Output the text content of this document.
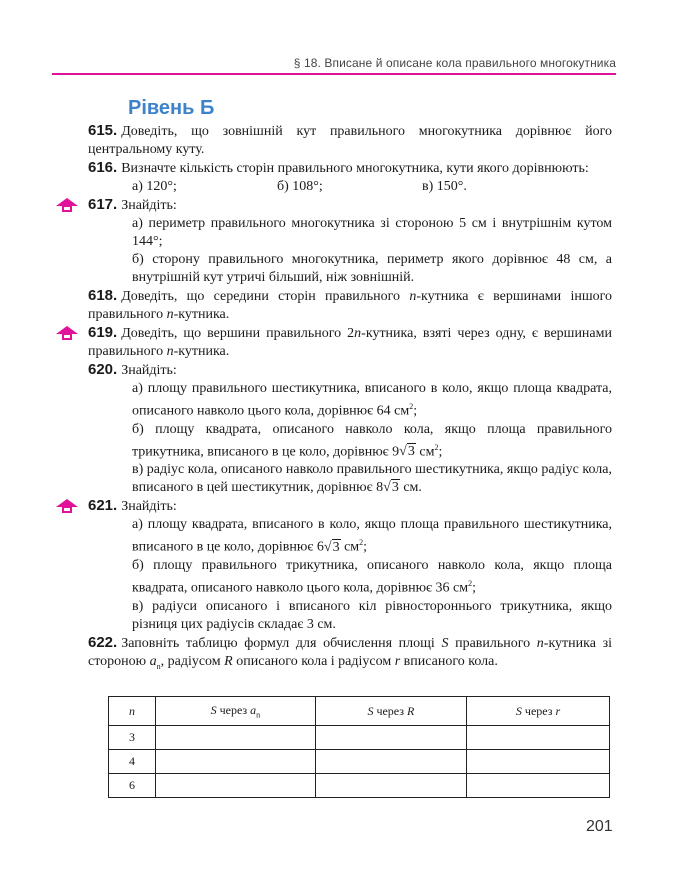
§ 18. Вписане й описане кола правильного многокутника
Рівень Б
615. Доведіть, що зовнішній кут правильного многокутника дорівнює його центральному куту.
616. Визначте кількість сторін правильного многокутника, кути якого дорівнюють:
а) 120°;	б) 108°;	в) 150°.
617. Знайдіть:
а) периметр правильного многокутника зі стороною 5 см і внутрішнім кутом 144°;
б) сторону правильного многокутника, периметр якого дорівнює 48 см, а внутрішній кут утричі більший, ніж зовнішній.
618. Доведіть, що середини сторін правильного n-кутника є вершинами іншого правильного n-кутника.
619. Доведіть, що вершини правильного 2n-кутника, взяті через одну, є вершинами правильного n-кутника.
620. Знайдіть:
а) площу правильного шестикутника, вписаного в коло, якщо площа квадрата, описаного навколо цього кола, дорівнює 64 $см^2$;
б) площу квадрата, описаного навколо кола, якщо площа правильного трикутника, вписаного в це коло, дорівнює 9√3 $см^2$;
в) радіус кола, описаного навколо правильного шестикутника, якщо радіус кола, вписаного в цей шестикутник, дорівнює 8√3 см.
621. Знайдіть:
а) площу квадрата, вписаного в коло, якщо площа правильного шестикутника, вписаного в це коло, дорівнює 6√3 $см^2$;
б) площу правильного трикутника, описаного навколо кола, якщо площа квадрата, описаного навколо цього кола, дорівнює 36 $см^2$;
в) радіуси описаного і вписаного кіл рівностороннього трикутника, якщо різниця цих радіусів складає 3 см.
622. Заповніть таблицю формул для обчислення площі S правильного n-кутника зі стороною $a_n$, радіусом R описаного кола і радіусом r вписаного кола.
n	S через $a_n$	S через R	S через r
3			
4			
6			
201
